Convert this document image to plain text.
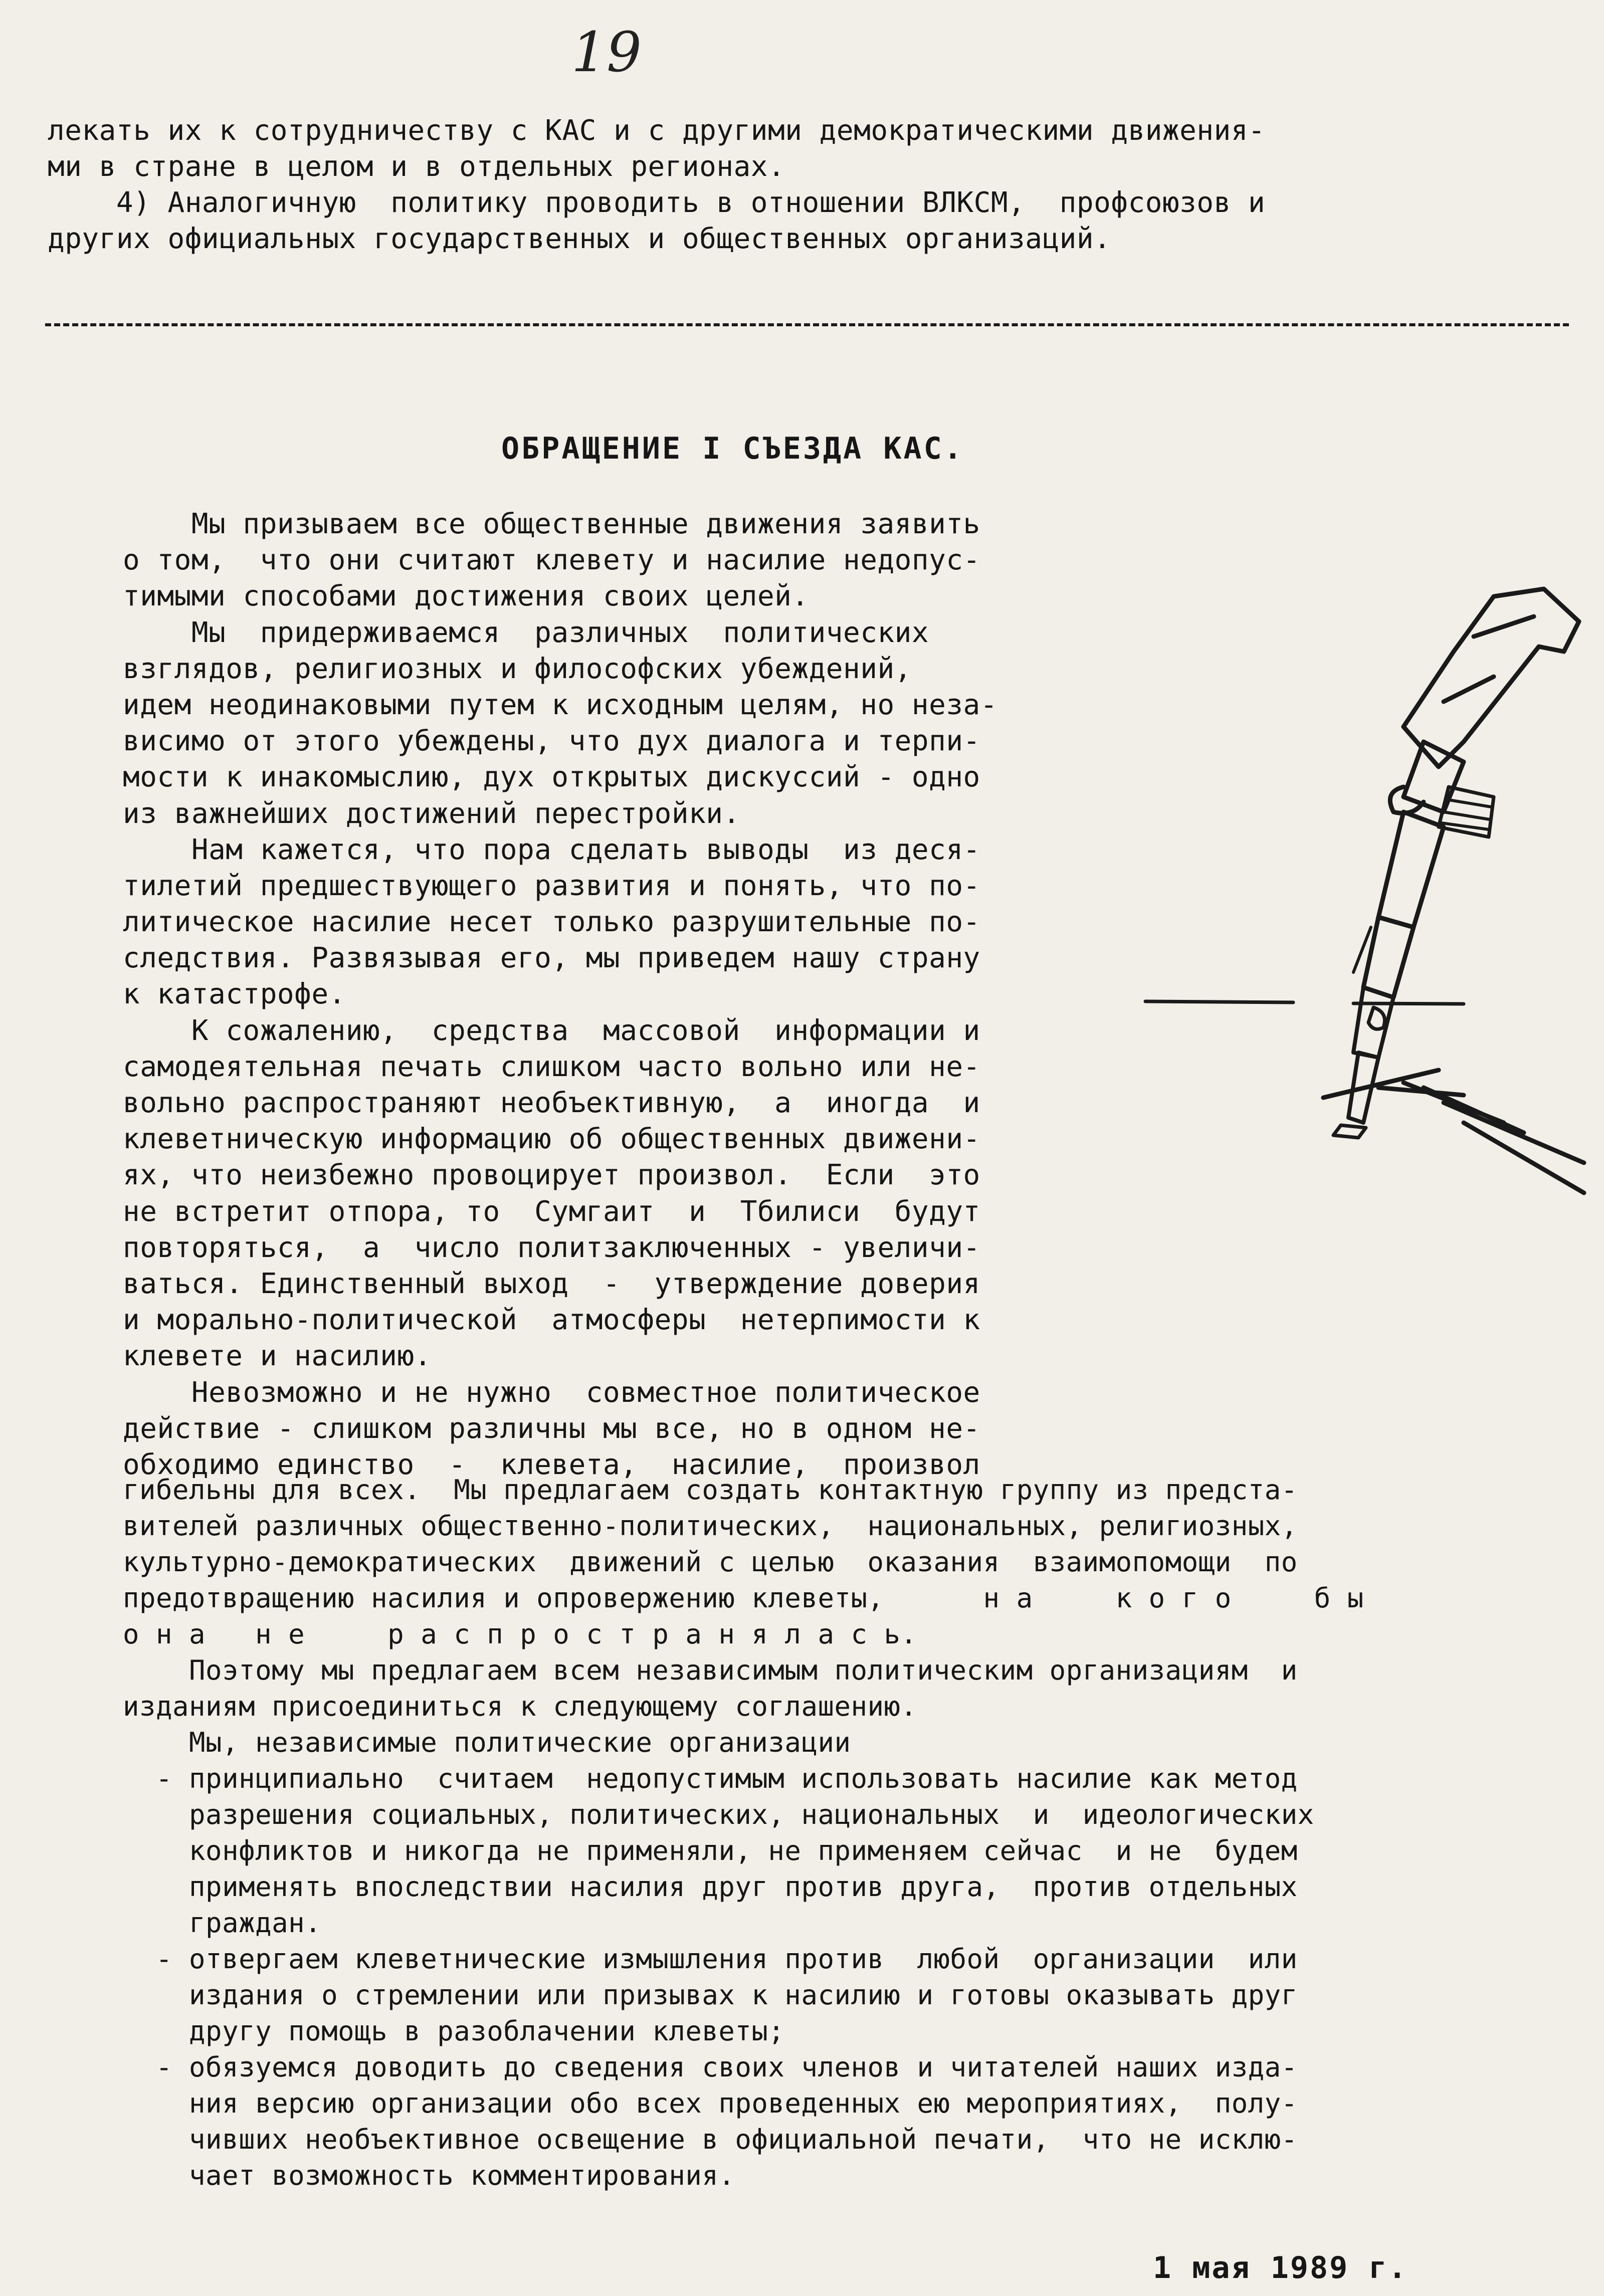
19
лекать их к сотрудничеству с КАС и с другими демократическими движения-
ми в стране в целом и в отдельных регионах.
4) Аналогичную  политику проводить в отношении ВЛКСМ,  профсоюзов и
других официальных государственных и общественных организаций.
ОБРАЩЕНИЕ I СЪЕЗДА КАС.
Мы призываем все общественные движения заявить
о том,  что они считают клевету и насилие недопус-
тимыми способами достижения своих целей.
Мы  придерживаемся  различных  политических
взглядов, религиозных и философских убеждений,
идем неодинаковыми путем к исходным целям, но неза-
висимо от этого убеждены, что дух диалога и терпи-
мости к инакомыслию, дух открытых дискуссий - одно
из важнейших достижений перестройки.
Нам кажется, что пора сделать выводы  из деся-
тилетий предшествующего развития и понять, что по-
литическое насилие несет только разрушительные по-
следствия. Развязывая его, мы приведем нашу страну
к катастрофе.
К сожалению,  средства  массовой  информации и
самодеятельная печать слишком часто вольно или не-
вольно распространяют необъективную,  а  иногда  и
клеветническую информацию об общественных движени-
ях, что неизбежно провоцирует произвол.  Если  это
не встретит отпора, то  Сумгаит  и  Тбилиси  будут
повторяться,  а  число политзаключенных - увеличи-
ваться. Единственный выход  -  утверждение доверия
и морально-политической  атмосферы  нетерпимости к
клевете и насилию.
Невозможно и не нужно  совместное политическое
действие - слишком различны мы все, но в одном не-
обходимо единство  -  клевета,  насилие,  произвол
гибельны для всех.  Мы предлагаем создать контактную группу из предста-
вителей различных общественно-политических,  национальных, религиозных,
культурно-демократических  движений с целью  оказания  взаимопомощи  по
предотвращению насилия и опровержению клеветы,      н а     к о г о     б ы
о н а   н е     р а с п р о с т р а н я л а с ь.
Поэтому мы предлагаем всем независимым политическим организациям  и
изданиям присоединиться к следующему соглашению.
Мы, независимые политические организации
- принципиально  считаем  недопустимым использовать насилие как метод
разрешения социальных, политических, национальных  и  идеологических
конфликтов и никогда не применяли, не применяем сейчас  и не  будем
применять впоследствии насилия друг против друга,  против отдельных
граждан.
- отвергаем клеветнические измышления против  любой  организации  или
издания о стремлении или призывах к насилию и готовы оказывать друг
другу помощь в разоблачении клеветы;
- обязуемся доводить до сведения своих членов и читателей наших изда-
ния версию организации обо всех проведенных ею мероприятиях,  полу-
чивших необъективное освещение в официальной печати,  что не исклю-
чает возможность комментирования.
1 мая 1989 г.
